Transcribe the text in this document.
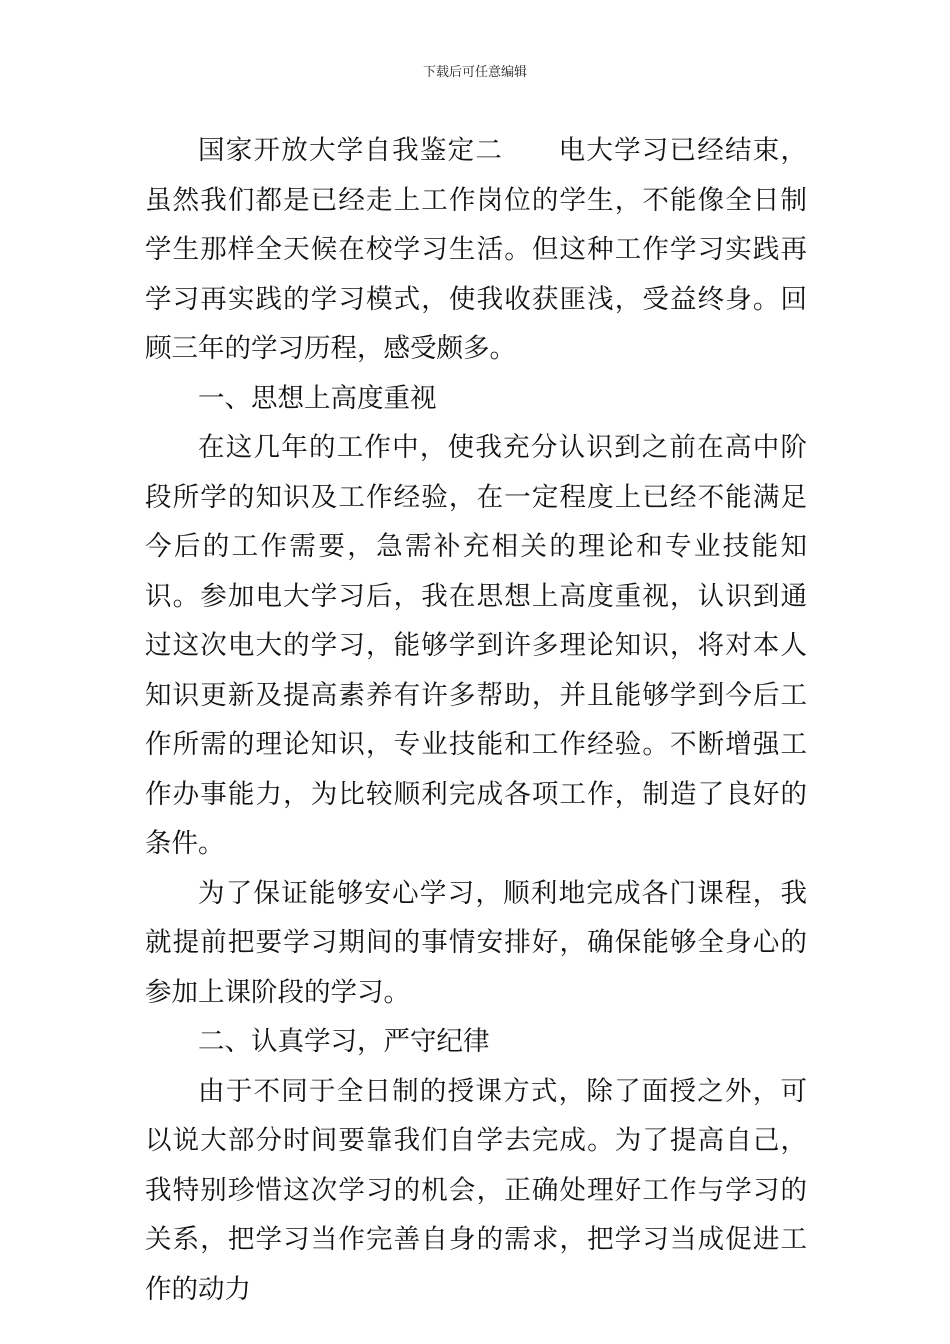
下载后可任意编辑

国家开放大学自我鉴定二　　电大学习已经结束，虽然我们都是已经走上工作岗位的学生，不能像全日制学生那样全天候在校学习生活。但这种工作学习实践再学习再实践的学习模式，使我收获匪浅，受益终身。回顾三年的学习历程，感受颇多。

一、思想上高度重视

在这几年的工作中，使我充分认识到之前在高中阶段所学的知识及工作经验，在一定程度上已经不能满足今后的工作需要，急需补充相关的理论和专业技能知识。参加电大学习后，我在思想上高度重视，认识到通过这次电大的学习，能够学到许多理论知识，将对本人知识更新及提高素养有许多帮助，并且能够学到今后工作所需的理论知识，专业技能和工作经验。不断增强工作办事能力，为比较顺利完成各项工作，制造了良好的条件。

为了保证能够安心学习，顺利地完成各门课程，我就提前把要学习期间的事情安排好，确保能够全身心的参加上课阶段的学习。

二、认真学习，严守纪律

由于不同于全日制的授课方式，除了面授之外，可以说大部分时间要靠我们自学去完成。为了提高自己，我特别珍惜这次学习的机会，正确处理好工作与学习的关系，把学习当作完善自身的需求，把学习当成促进工作的动力
